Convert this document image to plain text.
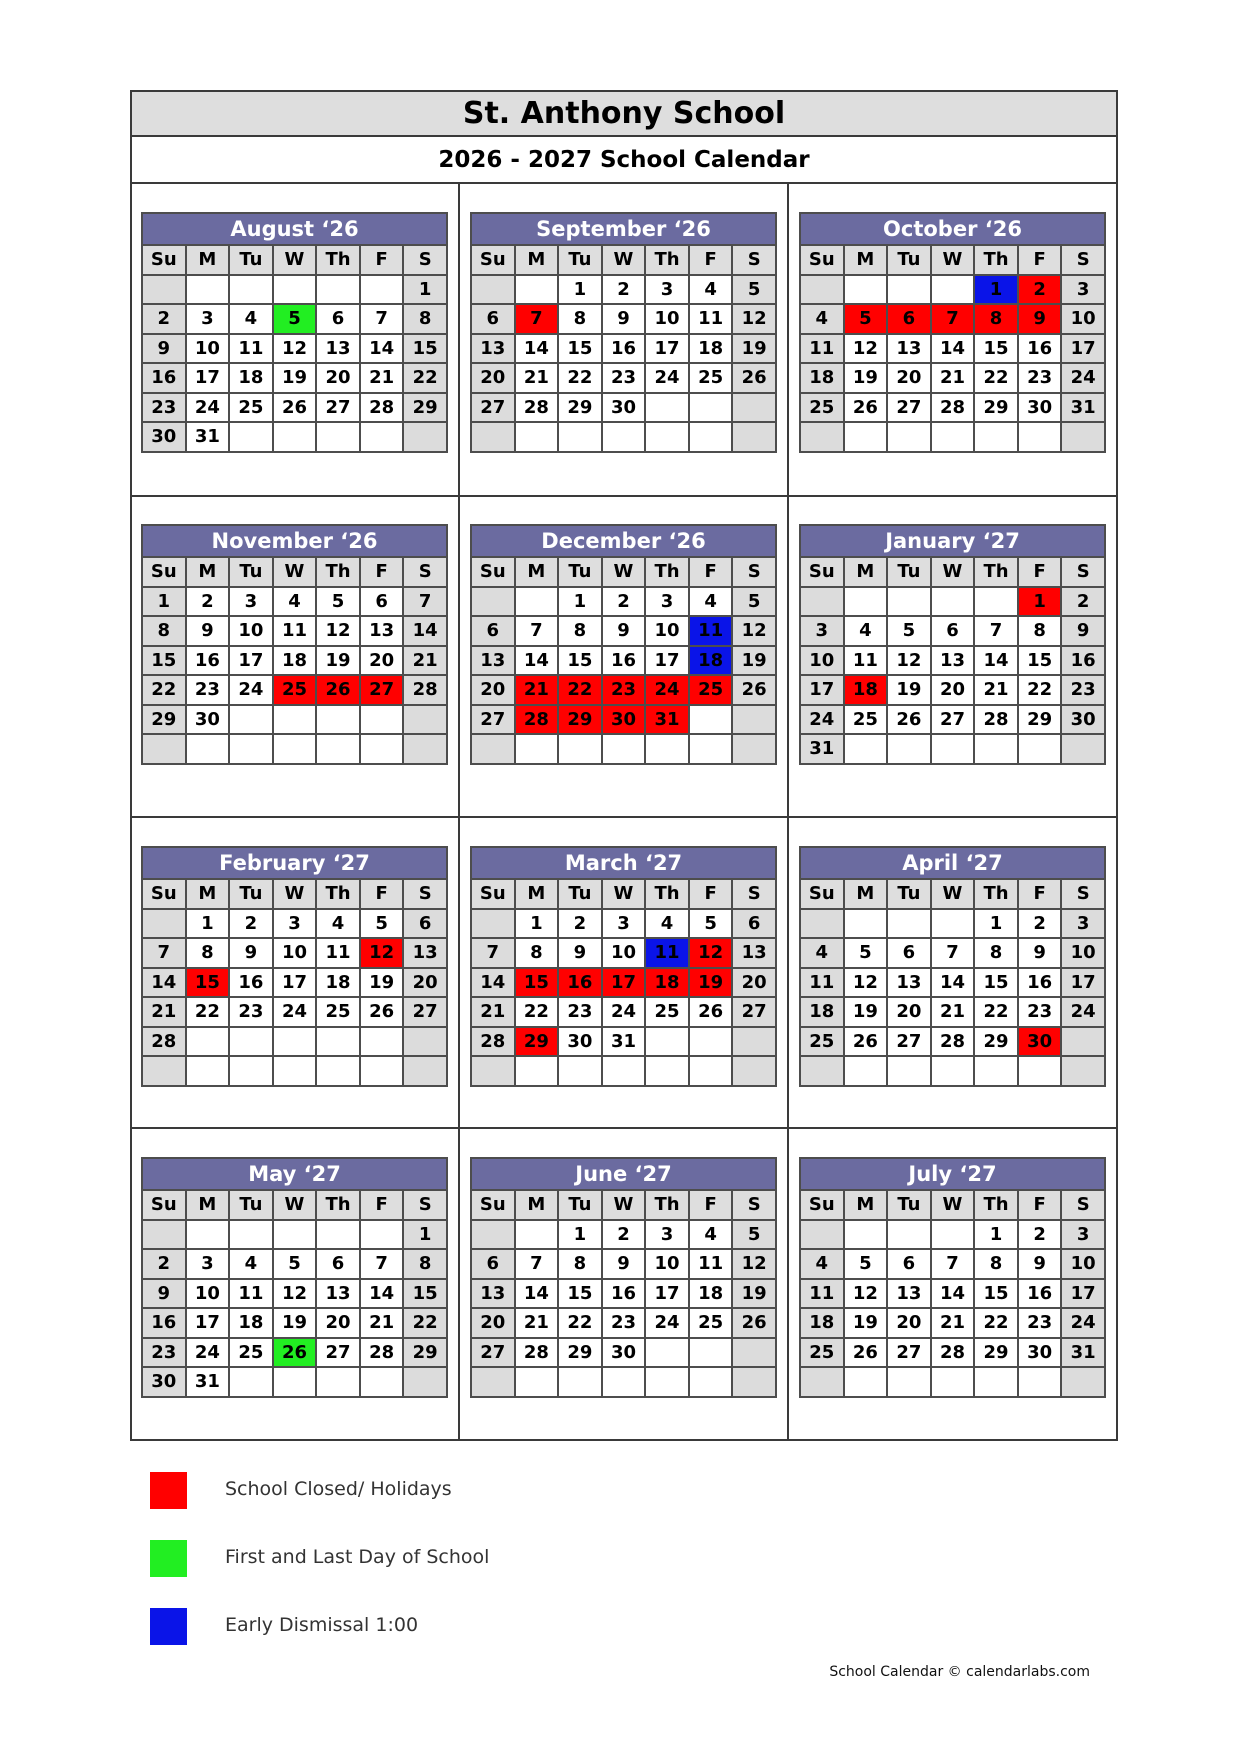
St. Anthony School
2026 - 2027 School Calendar
August ‘26						
Su	M	Tu	W	Th	F	S
						1
2	3	4	5	6	7	8
9	10	11	12	13	14	15
16	17	18	19	20	21	22
23	24	25	26	27	28	29
30	31					
September ‘26						
Su	M	Tu	W	Th	F	S
		1	2	3	4	5
6	7	8	9	10	11	12
13	14	15	16	17	18	19
20	21	22	23	24	25	26
27	28	29	30			

October ‘26						
Su	M	Tu	W	Th	F	S
				1	2	3
4	5	6	7	8	9	10
11	12	13	14	15	16	17
18	19	20	21	22	23	24
25	26	27	28	29	30	31

November ‘26						
Su	M	Tu	W	Th	F	S
1	2	3	4	5	6	7
8	9	10	11	12	13	14
15	16	17	18	19	20	21
22	23	24	25	26	27	28
29	30					

December ‘26						
Su	M	Tu	W	Th	F	S
		1	2	3	4	5
6	7	8	9	10	11	12
13	14	15	16	17	18	19
20	21	22	23	24	25	26
27	28	29	30	31		

January ‘27						
Su	M	Tu	W	Th	F	S
					1	2
3	4	5	6	7	8	9
10	11	12	13	14	15	16
17	18	19	20	21	22	23
24	25	26	27	28	29	30
31						
February ‘27						
Su	M	Tu	W	Th	F	S
	1	2	3	4	5	6
7	8	9	10	11	12	13
14	15	16	17	18	19	20
21	22	23	24	25	26	27
28						

March ‘27						
Su	M	Tu	W	Th	F	S
	1	2	3	4	5	6
7	8	9	10	11	12	13
14	15	16	17	18	19	20
21	22	23	24	25	26	27
28	29	30	31			

April ‘27						
Su	M	Tu	W	Th	F	S
				1	2	3
4	5	6	7	8	9	10
11	12	13	14	15	16	17
18	19	20	21	22	23	24
25	26	27	28	29	30	

May ‘27						
Su	M	Tu	W	Th	F	S
						1
2	3	4	5	6	7	8
9	10	11	12	13	14	15
16	17	18	19	20	21	22
23	24	25	26	27	28	29
30	31					
June ‘27						
Su	M	Tu	W	Th	F	S
		1	2	3	4	5
6	7	8	9	10	11	12
13	14	15	16	17	18	19
20	21	22	23	24	25	26
27	28	29	30			

July ‘27						
Su	M	Tu	W	Th	F	S
				1	2	3
4	5	6	7	8	9	10
11	12	13	14	15	16	17
18	19	20	21	22	23	24
25	26	27	28	29	30	31

School Closed/ Holidays
First and Last Day of School
Early Dismissal 1:00
School Calendar © calendarlabs.com
